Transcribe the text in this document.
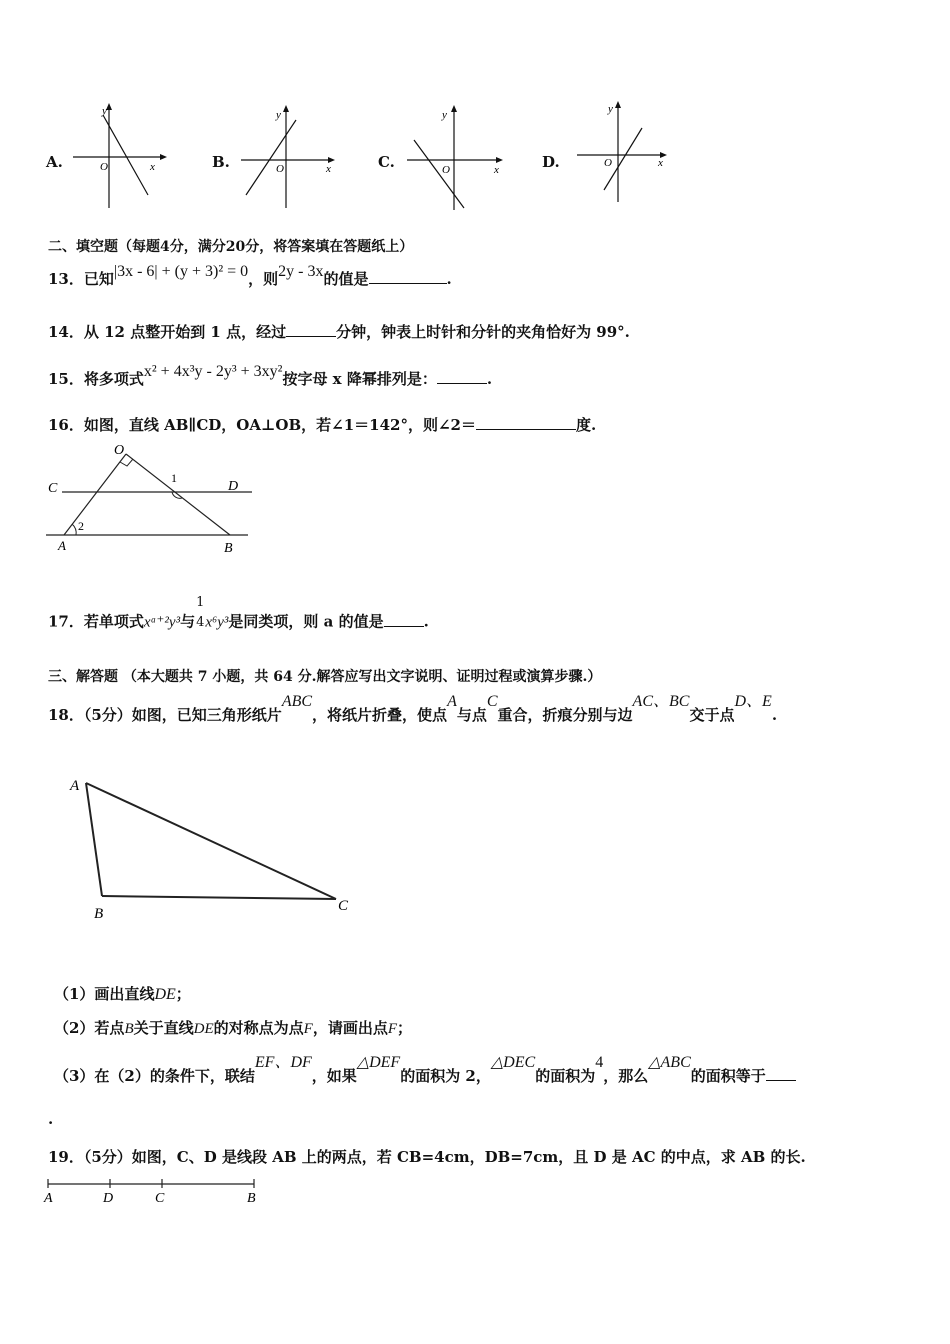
A.
y
O	x	B.
y
O	x	C.
y
O	x	D.
y
O	x
二、填空题（每题4分，满分20分，将答案填在答题纸上）
13．已知|3x - 6| + (y + 3)² = 0，则2y - 3x的值是	.
14．从 12 点整开始到 1 点，经过	分钟，钟表上时针和分针的夹角恰好为 99°.
15．将多项式x² + 4x³y - 2y³ + 3xy²按字母 x 降幂排列是：	.
16．如图，直线 AB∥CD，OA⊥OB，若∠1＝142°，则∠2＝	度.
O
C	D
A	B
1
2
17．若单项式xᵃ⁺²y³与 $\frac{1}{4} x^6y^3$是同类项，则 a 的值是	.
三、解答题 （本大题共 7 小题，共 64 分.解答应写出文字说明、证明过程或演算步骤.）
18．（5分）如图，已知三角形纸片ABC，将纸片折叠，使点A与点C重合，折痕分别与边AC、BC交于点D、E.
A
B	C
（1）画出直线DE；
（2）若点B关于直线DE的对称点为点F，请画出点F；
（3）在（2）的条件下，联结EF、DF，如果△DEF的面积为 2，△DEC的面积为4，那么△ABC的面积等于
.
19．（5分）如图，C、D 是线段 AB 上的两点，若 CB=4cm，DB=7cm，且 D 是 AC 的中点，求 AB 的长.
A	D	C	B
